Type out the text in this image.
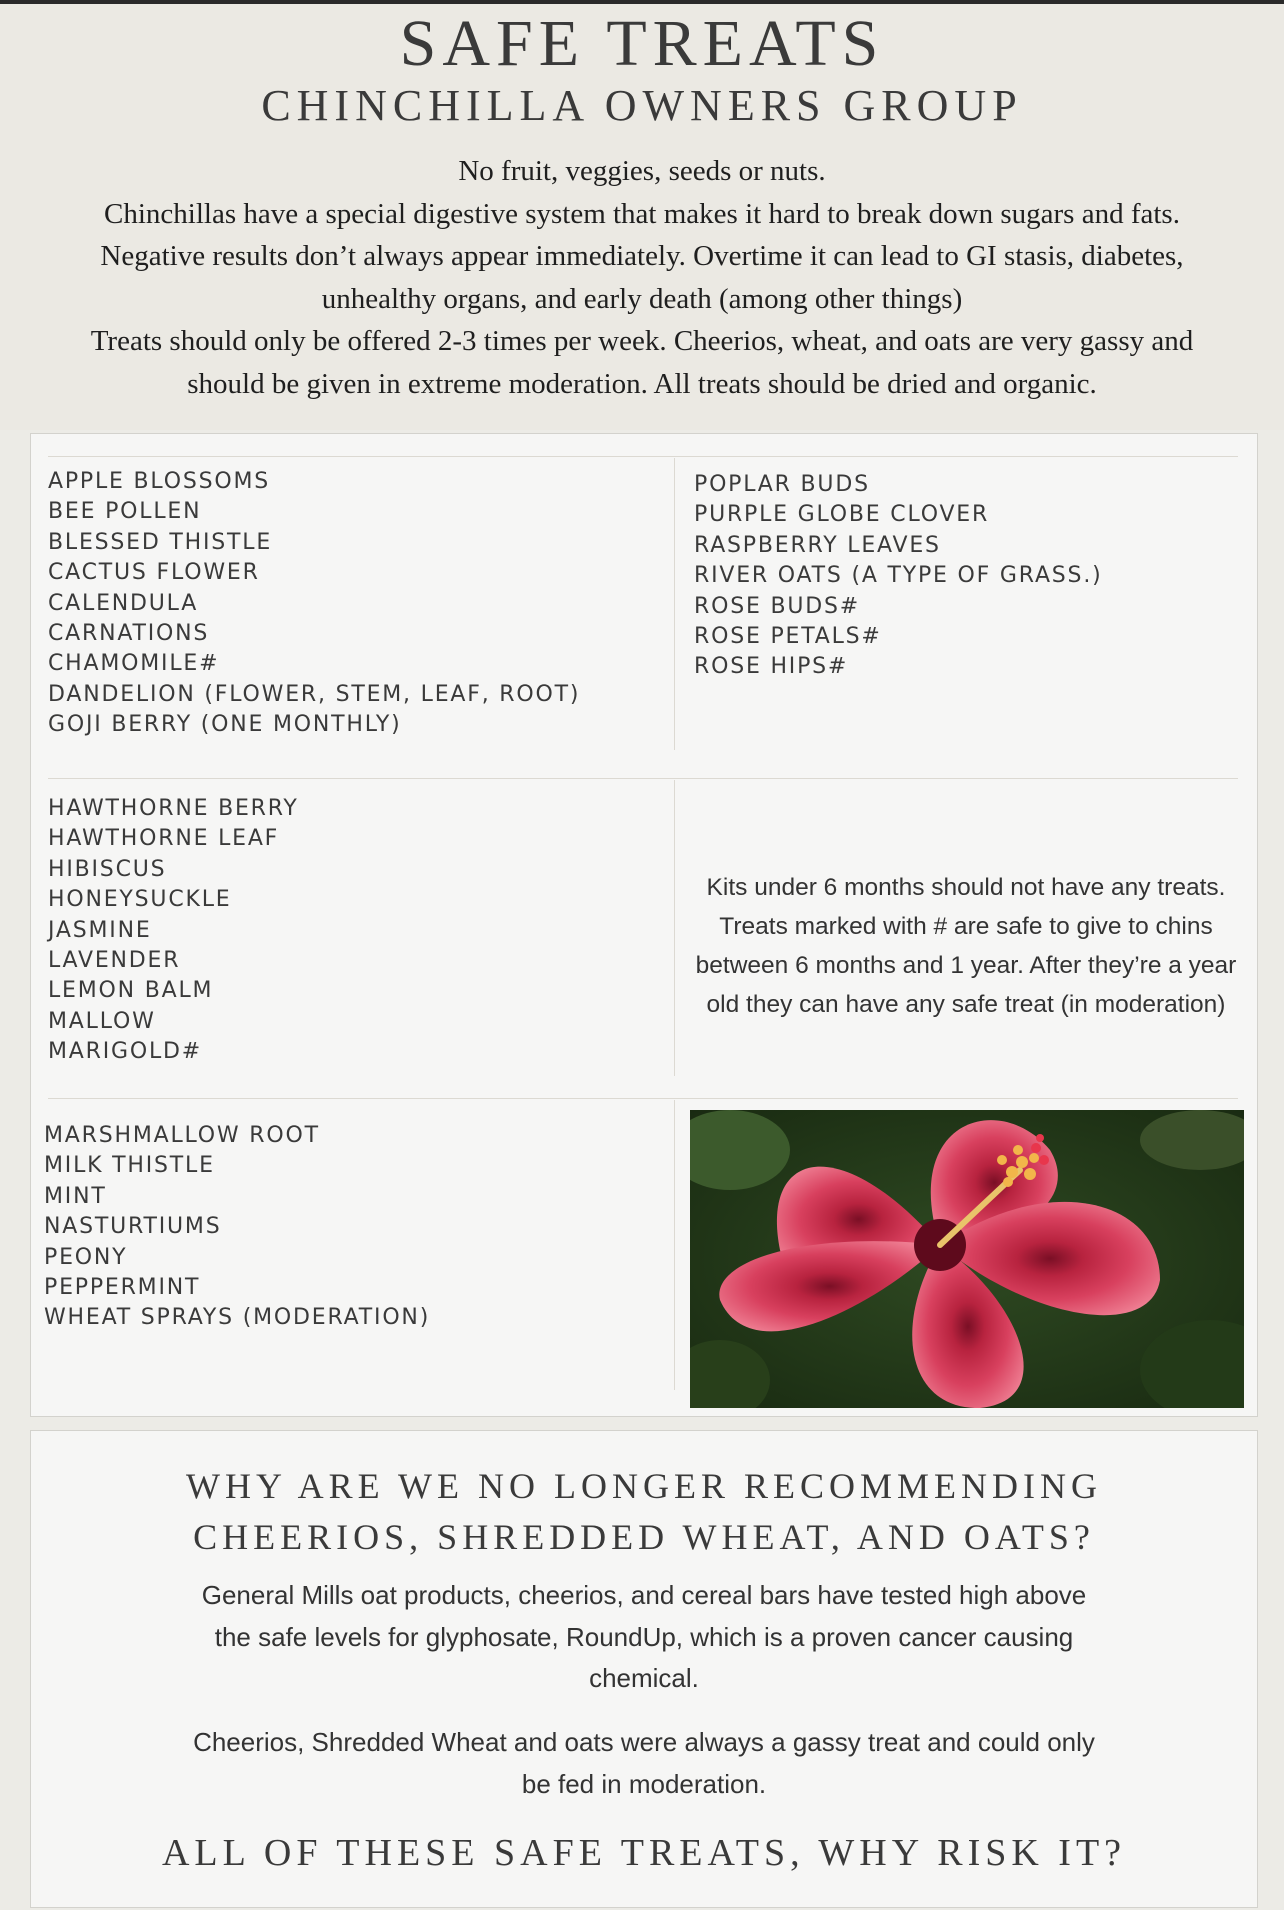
SAFE TREATS
CHINCHILLA OWNERS GROUP
No fruit, veggies, seeds or nuts.
Chinchillas have a special digestive system that makes it hard to break down sugars and fats.
Negative results don’t always appear immediately. Overtime it can lead to GI stasis, diabetes,
unhealthy organs, and early death (among other things)
Treats should only be offered 2-3 times per week. Cheerios, wheat, and oats are very gassy and
should be given in extreme moderation. All treats should be dried and organic.
APPLE BLOSSOMS
BEE POLLEN
BLESSED THISTLE
CACTUS FLOWER
CALENDULA
CARNATIONS
CHAMOMILE#
DANDELION (FLOWER, STEM, LEAF, ROOT)
GOJI BERRY (ONE MONTHLY)
POPLAR BUDS
PURPLE GLOBE CLOVER
RASPBERRY LEAVES
RIVER OATS (A TYPE OF GRASS.)
ROSE BUDS#
ROSE PETALS#
ROSE HIPS#
HAWTHORNE BERRY
HAWTHORNE LEAF
HIBISCUS
HONEYSUCKLE
JASMINE
LAVENDER
LEMON BALM
MALLOW
MARIGOLD#
Kits under 6 months should not have any treats.
Treats marked with # are safe to give to chins
between 6 months and 1 year. After they’re a year
old they can have any safe treat (in moderation)
MARSHMALLOW ROOT
MILK THISTLE
MINT
NASTURTIUMS
PEONY
PEPPERMINT
WHEAT SPRAYS (MODERATION)
WHY ARE WE NO LONGER RECOMMENDING
CHEERIOS, SHREDDED WHEAT, AND OATS?
General Mills oat products, cheerios, and cereal bars have tested high above
the safe levels for glyphosate, RoundUp, which is a proven cancer causing
chemical.
Cheerios, Shredded Wheat and oats were always a gassy treat and could only
be fed in moderation.
ALL OF THESE SAFE TREATS, WHY RISK IT?
